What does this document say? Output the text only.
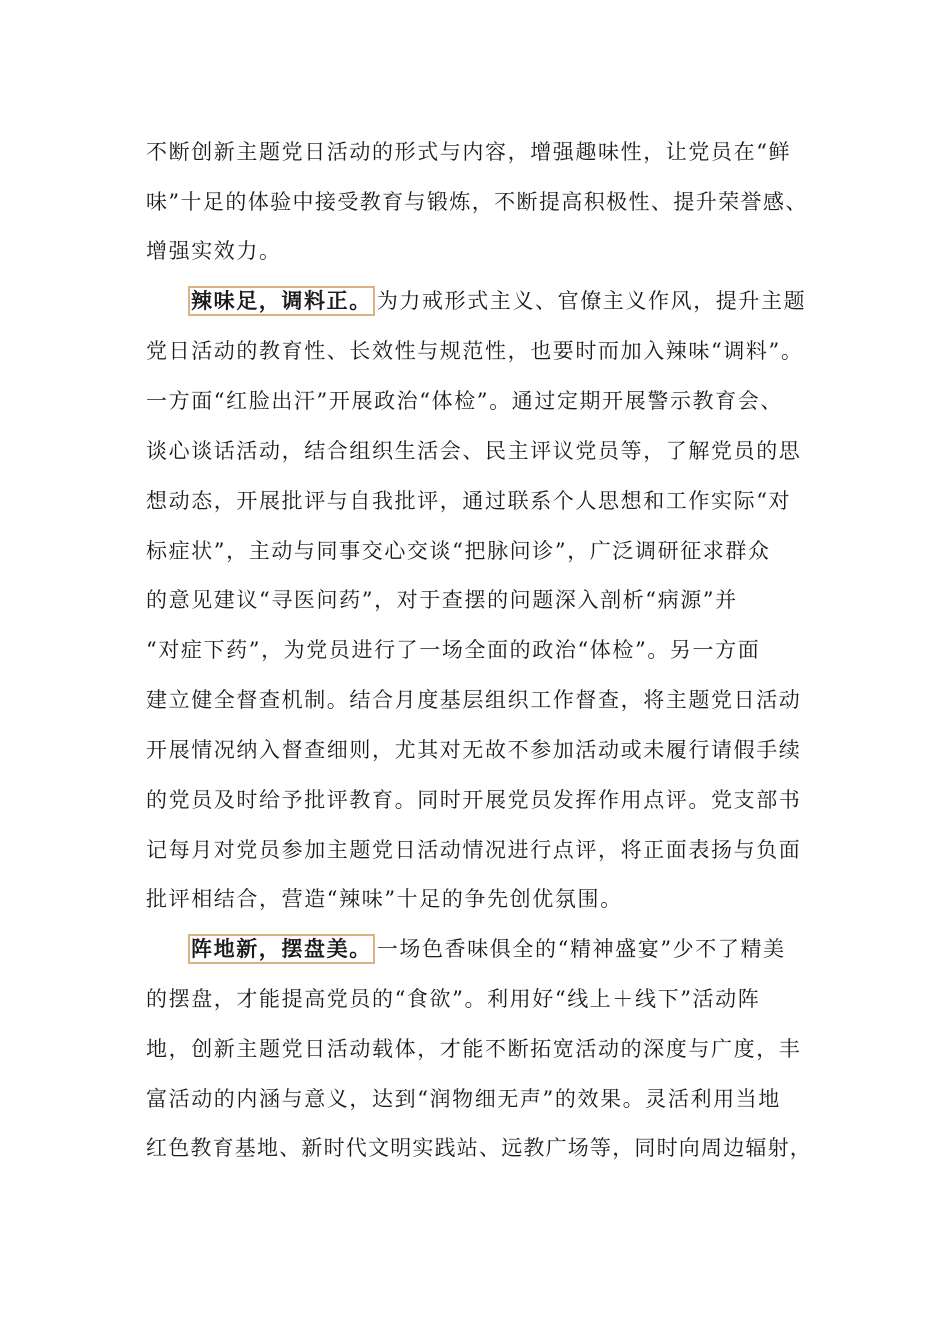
不断创新主题党日活动的形式与内容，增强趣味性，让党员在“鲜
味”十足的体验中接受教育与锻炼，不断提高积极性、提升荣誉感、
增强实效力。
辣味足，调料正。 为力戒形式主义、官僚主义作风，提升主题
党日活动的教育性、长效性与规范性，也要时而加入辣味“调料”。
一方面“红脸出汗”开展政治“体检”。通过定期开展警示教育会、
谈心谈话活动，结合组织生活会、民主评议党员等，了解党员的思
想动态，开展批评与自我批评，通过联系个人思想和工作实际“对
标症状”，主动与同事交心交谈“把脉问诊”，广泛调研征求群众
的意见建议“寻医问药”，对于查摆的问题深入剖析“病源”并
“对症下药”，为党员进行了一场全面的政治“体检”。另一方面
建立健全督查机制。结合月度基层组织工作督查，将主题党日活动
开展情况纳入督查细则，尤其对无故不参加活动或未履行请假手续
的党员及时给予批评教育。同时开展党员发挥作用点评。党支部书
记每月对党员参加主题党日活动情况进行点评，将正面表扬与负面
批评相结合，营造“辣味”十足的争先创优氛围。
阵地新，摆盘美。 一场色香味俱全的“精神盛宴”少不了精美
的摆盘，才能提高党员的“食欲”。利用好“线上＋线下”活动阵
地，创新主题党日活动载体，才能不断拓宽活动的深度与广度，丰
富活动的内涵与意义，达到“润物细无声”的效果。灵活利用当地
红色教育基地、新时代文明实践站、远教广场等，同时向周边辐射，
